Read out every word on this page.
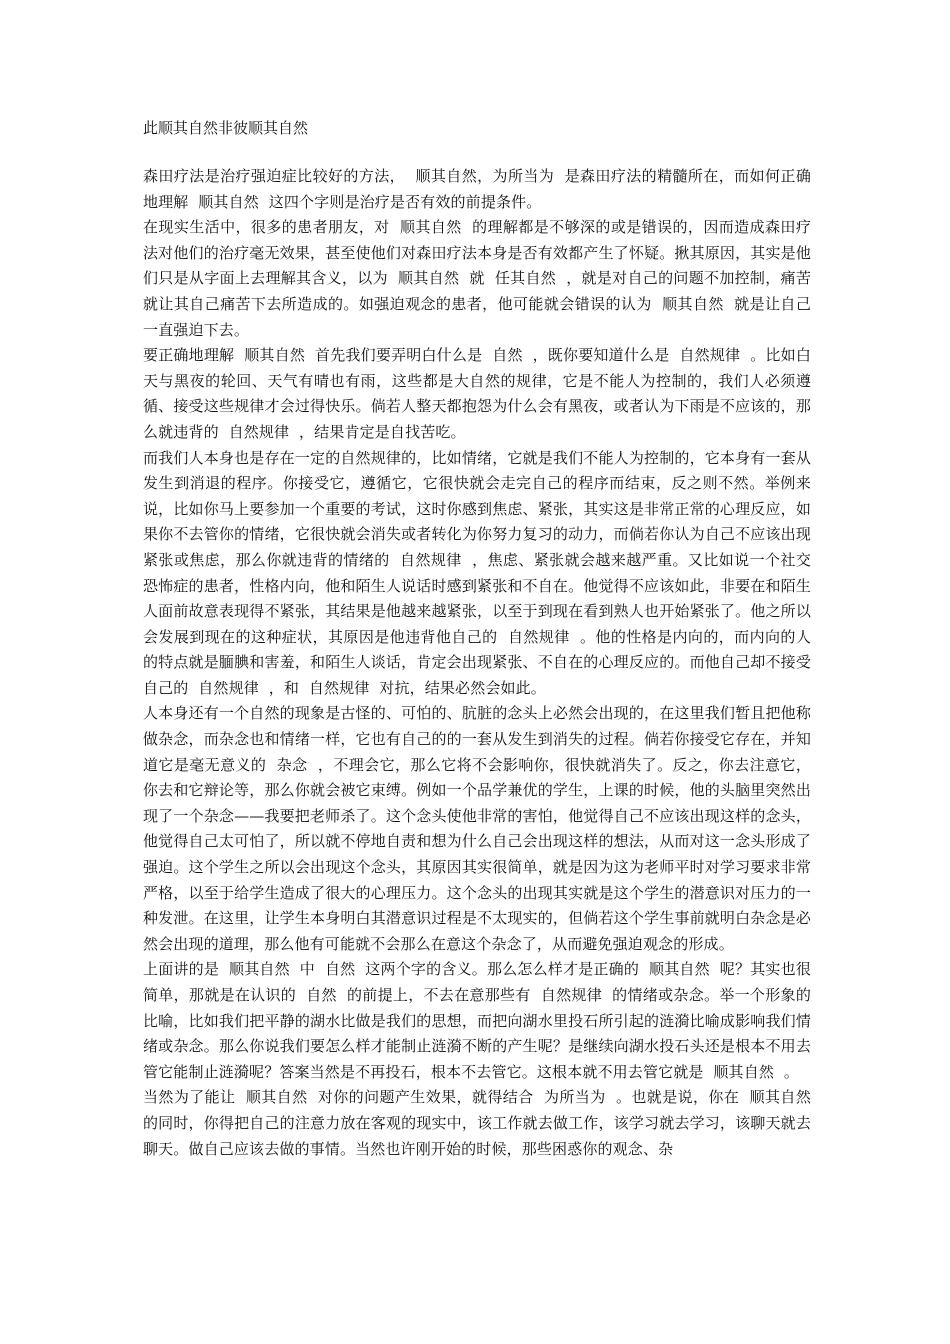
此顺其自然非彼顺其自然

森田疗法是治疗强迫症比较好的方法，  顺其自然，为所当为  是森田疗法的精髓所在，而如何正确地理解  顺其自然  这四个字则是治疗是否有效的前提条件。

在现实生活中，很多的患者朋友，对  顺其自然  的理解都是不够深的或是错误的，因而造成森田疗法对他们的治疗毫无效果，甚至使他们对森田疗法本身是否有效都产生了怀疑。揪其原因，其实是他们只是从字面上去理解其含义，以为  顺其自然  就  任其自然  ，就是对自己的问题不加控制，痛苦就让其自己痛苦下去所造成的。如强迫观念的患者，他可能就会错误的认为  顺其自然  就是让自己一直强迫下去。

要正确地理解  顺其自然  首先我们要弄明白什么是  自然  ，既你要知道什么是  自然规律  。比如白天与黑夜的轮回、天气有晴也有雨，这些都是大自然的规律，它是不能人为控制的，我们人必须遵循、接受这些规律才会过得快乐。倘若人整天都抱怨为什么会有黑夜，或者认为下雨是不应该的，那么就违背的  自然规律  ，结果肯定是自找苦吃。

而我们人本身也是存在一定的自然规律的，比如情绪，它就是我们不能人为控制的，它本身有一套从发生到消退的程序。你接受它，遵循它，它很快就会走完自己的程序而结束，反之则不然。举例来说，比如你马上要参加一个重要的考试，这时你感到焦虑、紧张，其实这是非常正常的心理反应，如果你不去管你的情绪，它很快就会消失或者转化为你努力复习的动力，而倘若你认为自己不应该出现紧张或焦虑，那么你就违背的情绪的  自然规律  ，焦虑、紧张就会越来越严重。又比如说一个社交恐怖症的患者，性格内向，他和陌生人说话时感到紧张和不自在。他觉得不应该如此，非要在和陌生人面前故意表现得不紧张，其结果是他越来越紧张，以至于到现在看到熟人也开始紧张了。他之所以会发展到现在的这种症状，其原因是他违背他自己的  自然规律  。他的性格是内向的，而内向的人的特点就是腼腆和害羞，和陌生人谈话，肯定会出现紧张、不自在的心理反应的。而他自己却不接受自己的  自然规律  ，和  自然规律  对抗，结果必然会如此。

人本身还有一个自然的现象是古怪的、可怕的、肮脏的念头上必然会出现的，在这里我们暂且把他称做杂念，而杂念也和情绪一样，它也有自己的的一套从发生到消失的过程。倘若你接受它存在，并知道它是毫无意义的  杂念  ，不理会它，那么它将不会影响你，很快就消失了。反之，你去注意它，你去和它辩论等，那么你就会被它束缚。例如一个品学兼优的学生，上课的时候，他的头脑里突然出现了一个杂念——我要把老师杀了。这个念头使他非常的害怕，他觉得自己不应该出现这样的念头，他觉得自己太可怕了，所以就不停地自责和想为什么自己会出现这样的想法，从而对这一念头形成了强迫。这个学生之所以会出现这个念头，其原因其实很简单，就是因为这为老师平时对学习要求非常严格，以至于给学生造成了很大的心理压力。这个念头的出现其实就是这个学生的潜意识对压力的一种发泄。在这里，让学生本身明白其潜意识过程是不太现实的，但倘若这个学生事前就明白杂念是必然会出现的道理，那么他有可能就不会那么在意这个杂念了，从而避免强迫观念的形成。

上面讲的是  顺其自然  中  自然  这两个字的含义。那么怎么样才是正确的  顺其自然  呢？其实也很简单，那就是在认识的  自然  的前提上，不去在意那些有  自然规律  的情绪或杂念。举一个形象的比喻，比如我们把平静的湖水比做是我们的思想，而把向湖水里投石所引起的涟漪比喻成影响我们情绪或杂念。那么你说我们要怎么样才能制止涟漪不断的产生呢？是继续向湖水投石头还是根本不用去管它能制止涟漪呢？答案当然是不再投石，根本不去管它。这根本就不用去管它就是  顺其自然  。

当然为了能让  顺其自然  对你的问题产生效果，就得结合  为所当为  。也就是说，你在  顺其自然  的同时，你得把自己的注意力放在客观的现实中，该工作就去做工作，该学习就去学习，该聊天就去聊天。做自己应该去做的事情。当然也许刚开始的时候，那些困惑你的观念、杂
